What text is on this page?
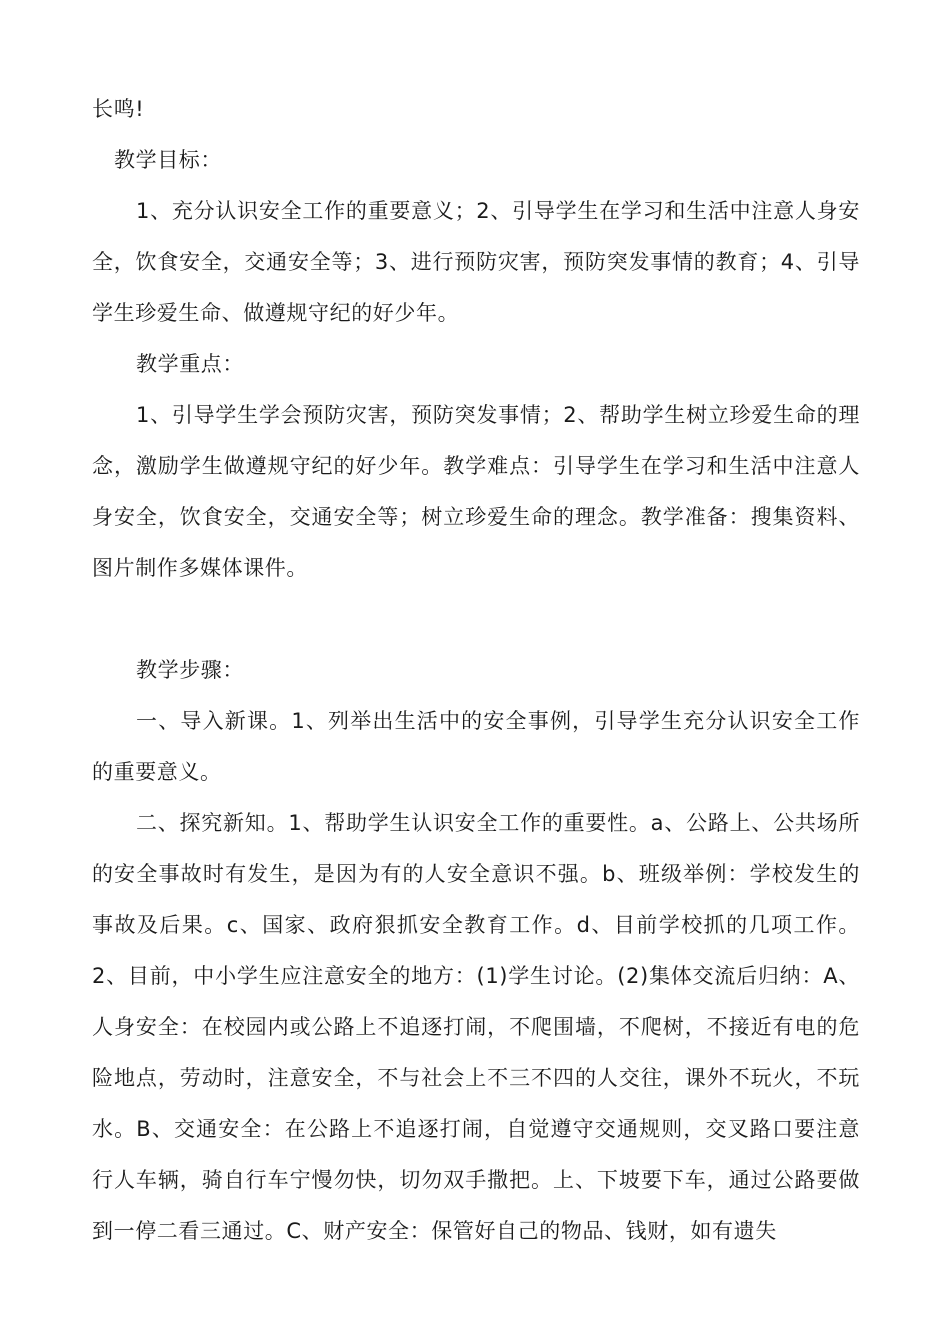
长鸣!

教学目标：

1、充分认识安全工作的重要意义；2、引导学生在学习和生活中注意人身安全，饮食安全，交通安全等；3、进行预防灾害，预防突发事情的教育；4、引导学生珍爱生命、做遵规守纪的好少年。

教学重点：

1、引导学生学会预防灾害，预防突发事情；2、帮助学生树立珍爱生命的理念，激励学生做遵规守纪的好少年。教学难点：引导学生在学习和生活中注意人身安全，饮食安全，交通安全等；树立珍爱生命的理念。教学准备：搜集资料、图片制作多媒体课件。

教学步骤：

一、导入新课。1、列举出生活中的安全事例，引导学生充分认识安全工作的重要意义。

二、探究新知。1、帮助学生认识安全工作的重要性。a、公路上、公共场所的安全事故时有发生，是因为有的人安全意识不强。b、班级举例：学校发生的事故及后果。c、国家、政府狠抓安全教育工作。d、目前学校抓的几项工作。2、目前，中小学生应注意安全的地方：(1)学生讨论。(2)集体交流后归纳：A、人身安全：在校园内或公路上不追逐打闹，不爬围墙，不爬树，不接近有电的危险地点，劳动时，注意安全，不与社会上不三不四的人交往，课外不玩火，不玩水。B、交通安全：在公路上不追逐打闹，自觉遵守交通规则，交叉路口要注意行人车辆，骑自行车宁慢勿快，切勿双手撒把。上、下坡要下车，通过公路要做到一停二看三通过。C、财产安全：保管好自己的物品、钱财，如有遗失
